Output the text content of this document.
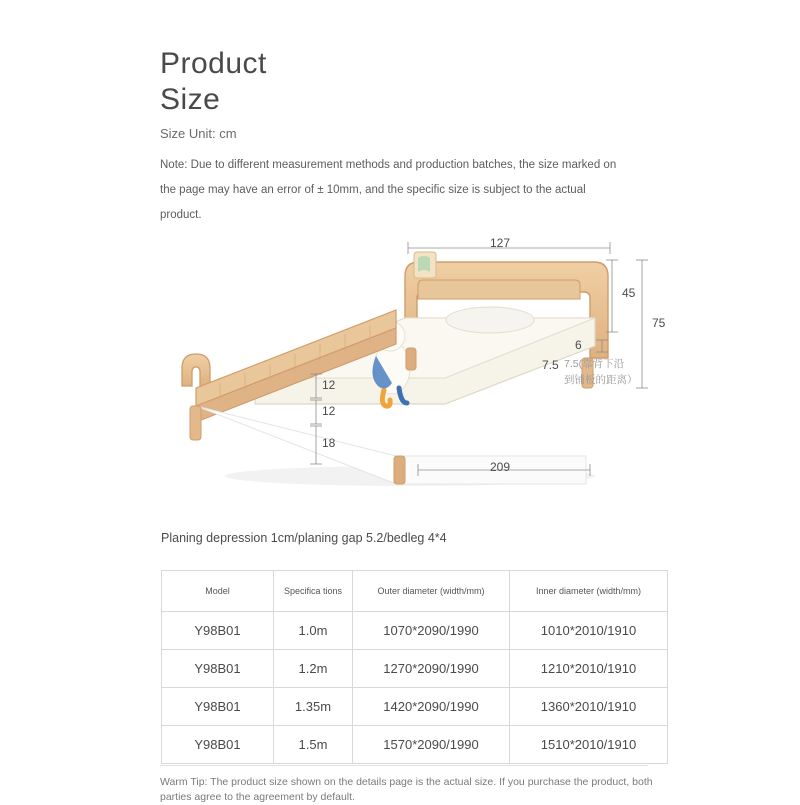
Product
Size
Size Unit: cm
Note: Due to different measurement methods and production batches, the size marked on the page may have an error of ± 10mm, and the specific size is subject to the actual product.
127
45
75
6
7.5 7.5(靠背下沿
到铺板的距离）
12
12
18
209
Planing depression 1cm/planing gap 5.2/bedleg 4*4
Model	Specifica tions	Outer diameter (width/mm)	Inner diameter (width/mm)
Y98B01	1.0m	1070*2090/1990	1010*2010/1910
Y98B01	1.2m	1270*2090/1990	1210*2010/1910
Y98B01	1.35m	1420*2090/1990	1360*2010/1910
Y98B01	1.5m	1570*2090/1990	1510*2010/1910
Warm Tip: The product size shown on the details page is the actual size. If you purchase the product, both parties agree to the agreement by default.
